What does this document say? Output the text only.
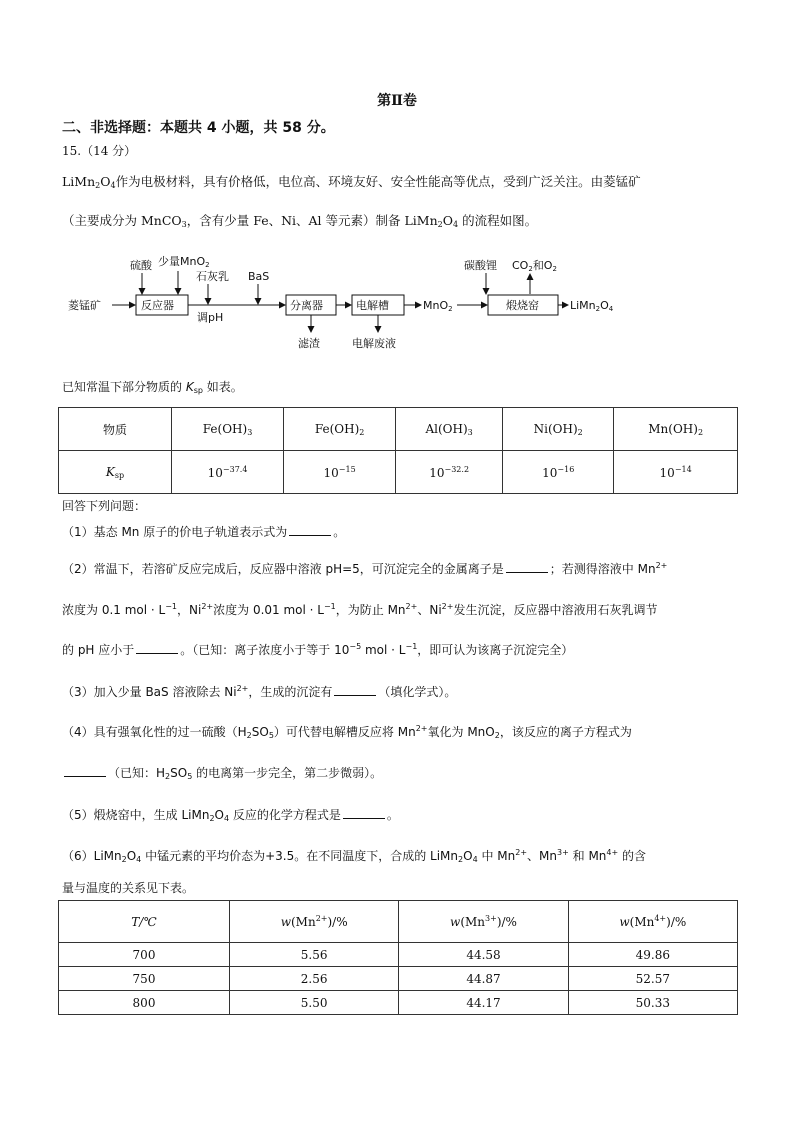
第Ⅱ卷
二、非选择题：本题共 4 小题，共 58 分。
15.（14 分）
$LiMn_2O_4$作为电极材料，具有价格低，电位高、环境友好、安全性能高等优点，受到广泛关注。由菱锰矿
（主要成分为 MnCO$_3$，含有少量 Fe、Ni、Al 等元素）制备 $LiMn_2O_4$ 的流程如图。
菱锰矿	反应器
硫酸 少量MnO2
石灰乳
调pH
BaS
分离器
滤渣
电解槽
电解废液
MnO2	煅烧窑
碳酸锂 CO2和O2
LiMn2O4
已知常温下部分物质的 $K_{sp}$ 如表。
物质	$Fe(OH)_3$	$Fe(OH)_2$	$Al(OH)_3$	$Ni(OH)_2$	$Mn(OH)_2$
$K_{sp}$	$10^{-37.4}$	$10^{-15}$	$10^{-32.2}$	$10^{-16}$	$10^{-14}$
回答下列问题：
（1）基态 Mn 原子的价电子轨道表示式为	。
（2）常温下，若溶矿反应完成后，反应器中溶液 pH=5，可沉淀完全的金属离子是	；若测得溶液中 $Mn^{2+}$
浓度为 0.1 mol · $L^{-1}$，$Ni^{2+}$浓度为 0.01 mol · $L^{-1}$，为防止 $Mn^{2+}$、$Ni^{2+}$发生沉淀，反应器中溶液用石灰乳调节
的 pH 应小于	。（已知：离子浓度小于等于 $10^{-5}$ mol · $L^{-1}$，即可认为该离子沉淀完全）
（3）加入少量 BaS 溶液除去 $Ni^{2+}$，生成的沉淀有	（填化学式）。
（4）具有强氧化性的过一硫酸$(H_2SO_5)$可代替电解槽反应将 $Mn^{2+}$氧化为 MnO$_2$，该反应的离子方程式为
（已知：$H_2SO_5$ 的电离第一步完全，第二步微弱）。
（5）煅烧窑中，生成 $LiMn_2O_4$ 反应的化学方程式是	。
$(6)LiMn_2O_4$ 中锰元素的平均价态为+3.5。在不同温度下，合成的 $LiMn_2O_4$ 中 $Mn^{2+}$、$Mn^{3+}$ 和 $Mn^{4+}$ 的含
量与温度的关系见下表。
T/℃	$w(Mn^{2+})/\%$	$w(Mn^{3+})/\%$	$w(Mn^{4+})/\%$
700	5.56	44.58	49.86
750	2.56	44.87	52.57
800	5.50	44.17	50.33
